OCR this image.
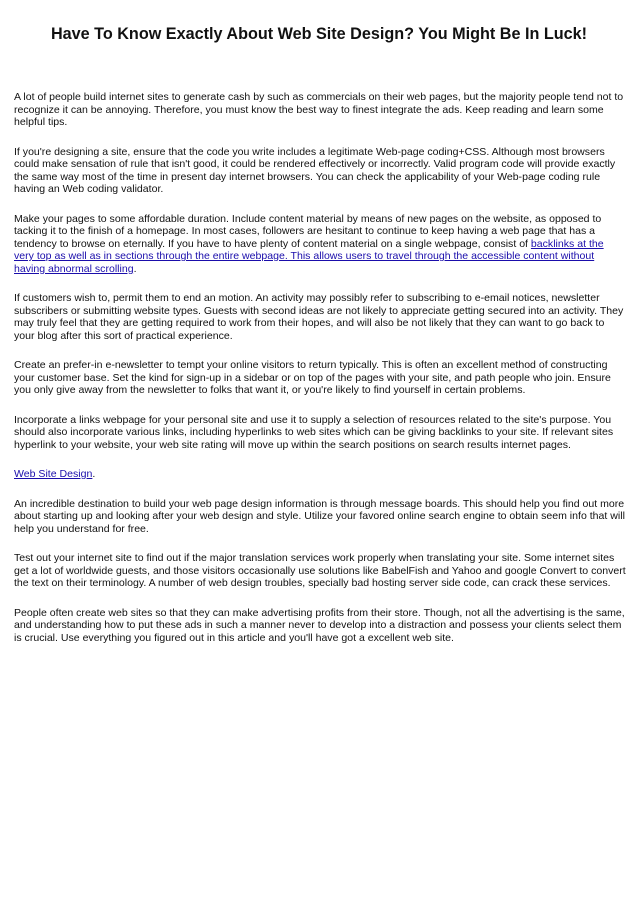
Have To Know Exactly About Web Site Design? You Might Be In Luck!

A lot of people build internet sites to generate cash by such as commercials on their web pages, but the majority people tend not to recognize it can be annoying. Therefore, you must know the best way to finest integrate the ads. Keep reading and learn some helpful tips.

If you're designing a site, ensure that the code you write includes a legitimate Web-page coding+CSS. Although most browsers could make sensation of rule that isn't good, it could be rendered effectively or incorrectly. Valid program code will provide exactly the same way most of the time in present day internet browsers. You can check the applicability of your Web-page coding rule having an Web coding validator.

Make your pages to some affordable duration. Include content material by means of new pages on the website, as opposed to tacking it to the finish of a homepage. In most cases, followers are hesitant to continue to keep having a web page that has a tendency to browse on eternally. If you have to have plenty of content material on a single webpage, consist of backlinks at the very top as well as in sections through the entire webpage. This allows users to travel through the accessible content without having abnormal scrolling.

If customers wish to, permit them to end an motion. An activity may possibly refer to subscribing to e-email notices, newsletter subscribers or submitting website types. Guests with second ideas are not likely to appreciate getting secured into an activity. They may truly feel that they are getting required to work from their hopes, and will also be not likely that they can want to go back to your blog after this sort of practical experience.

Create an prefer-in e-newsletter to tempt your online visitors to return typically. This is often an excellent method of constructing your customer base. Set the kind for sign-up in a sidebar or on top of the pages with your site, and path people who join. Ensure you only give away from the newsletter to folks that want it, or you're likely to find yourself in certain problems.

Incorporate a links webpage for your personal site and use it to supply a selection of resources related to the site's purpose. You should also incorporate various links, including hyperlinks to web sites which can be giving backlinks to your site. If relevant sites hyperlink to your website, your web site rating will move up within the search positions on search results internet pages.

Web Site Design.

An incredible destination to build your web page design information is through message boards. This should help you find out more about starting up and looking after your web design and style. Utilize your favored online search engine to obtain seem info that will help you understand for free.

Test out your internet site to find out if the major translation services work properly when translating your site. Some internet sites get a lot of worldwide guests, and those visitors occasionally use solutions like BabelFish and Yahoo and google Convert to convert the text on their terminology. A number of web design troubles, specially bad hosting server side code, can crack these services.

People often create web sites so that they can make advertising profits from their store. Though, not all the advertising is the same, and understanding how to put these ads in such a manner never to develop into a distraction and possess your clients select them is crucial. Use everything you figured out in this article and you'll have got a excellent web site.
